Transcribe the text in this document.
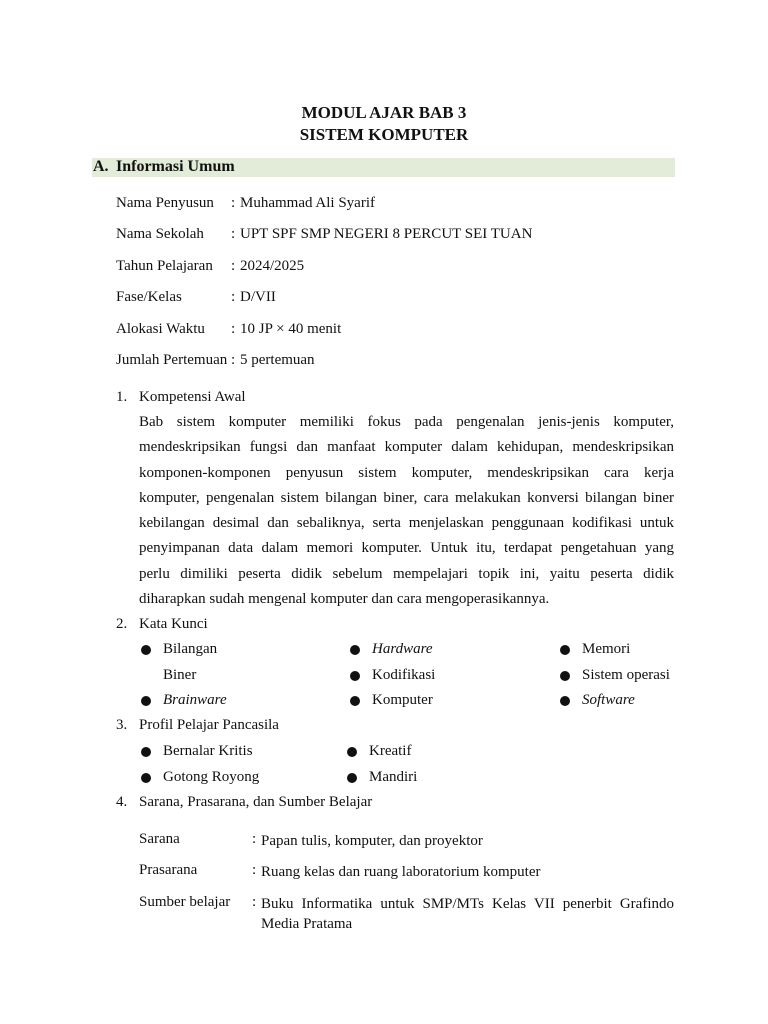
MODUL AJAR BAB 3
SISTEM KOMPUTER
A. Informasi Umum
Nama Penyusun : Muhammad Ali Syarif
Nama Sekolah : UPT SPF SMP NEGERI 8 PERCUT SEI TUAN
Tahun Pelajaran : 2024/2025
Fase/Kelas	: D/VII
Alokasi Waktu : 10 JP × 40 menit
Jumlah Pertemuan : 5 pertemuan
1. Kompetensi Awal
Bab sistem komputer memiliki fokus pada pengenalan jenis-jenis komputer,
mendeskripsikan fungsi dan manfaat komputer dalam kehidupan, mendeskripsikan
komponen-komponen penyusun sistem komputer, mendeskripsikan cara kerja
komputer, pengenalan sistem bilangan biner, cara melakukan konversi bilangan biner
kebilangan desimal dan sebaliknya, serta menjelaskan penggunaan kodifikasi untuk
penyimpanan data dalam memori komputer. Untuk itu, terdapat pengetahuan yang
perlu dimiliki peserta didik sebelum mempelajari topik ini, yaitu peserta didik
diharapkan sudah mengenal komputer dan cara mengoperasikannya.
2. Kata Kunci
Bilangan	Hardware	Memori
Biner	Kodifikasi	Sistem operasi
Brainware	Komputer	Software
3. Profil Pelajar Pancasila
Bernalar Kritis	Kreatif
Gotong Royong	Mandiri
4. Sarana, Prasarana, dan Sumber Belajar
Sarana	: Papan tulis, komputer, dan proyektor
Prasarana	: Ruang kelas dan ruang laboratorium komputer
Sumber belajar : Buku Informatika untuk SMP/MTs Kelas VII penerbit Grafindo Media Pratama
